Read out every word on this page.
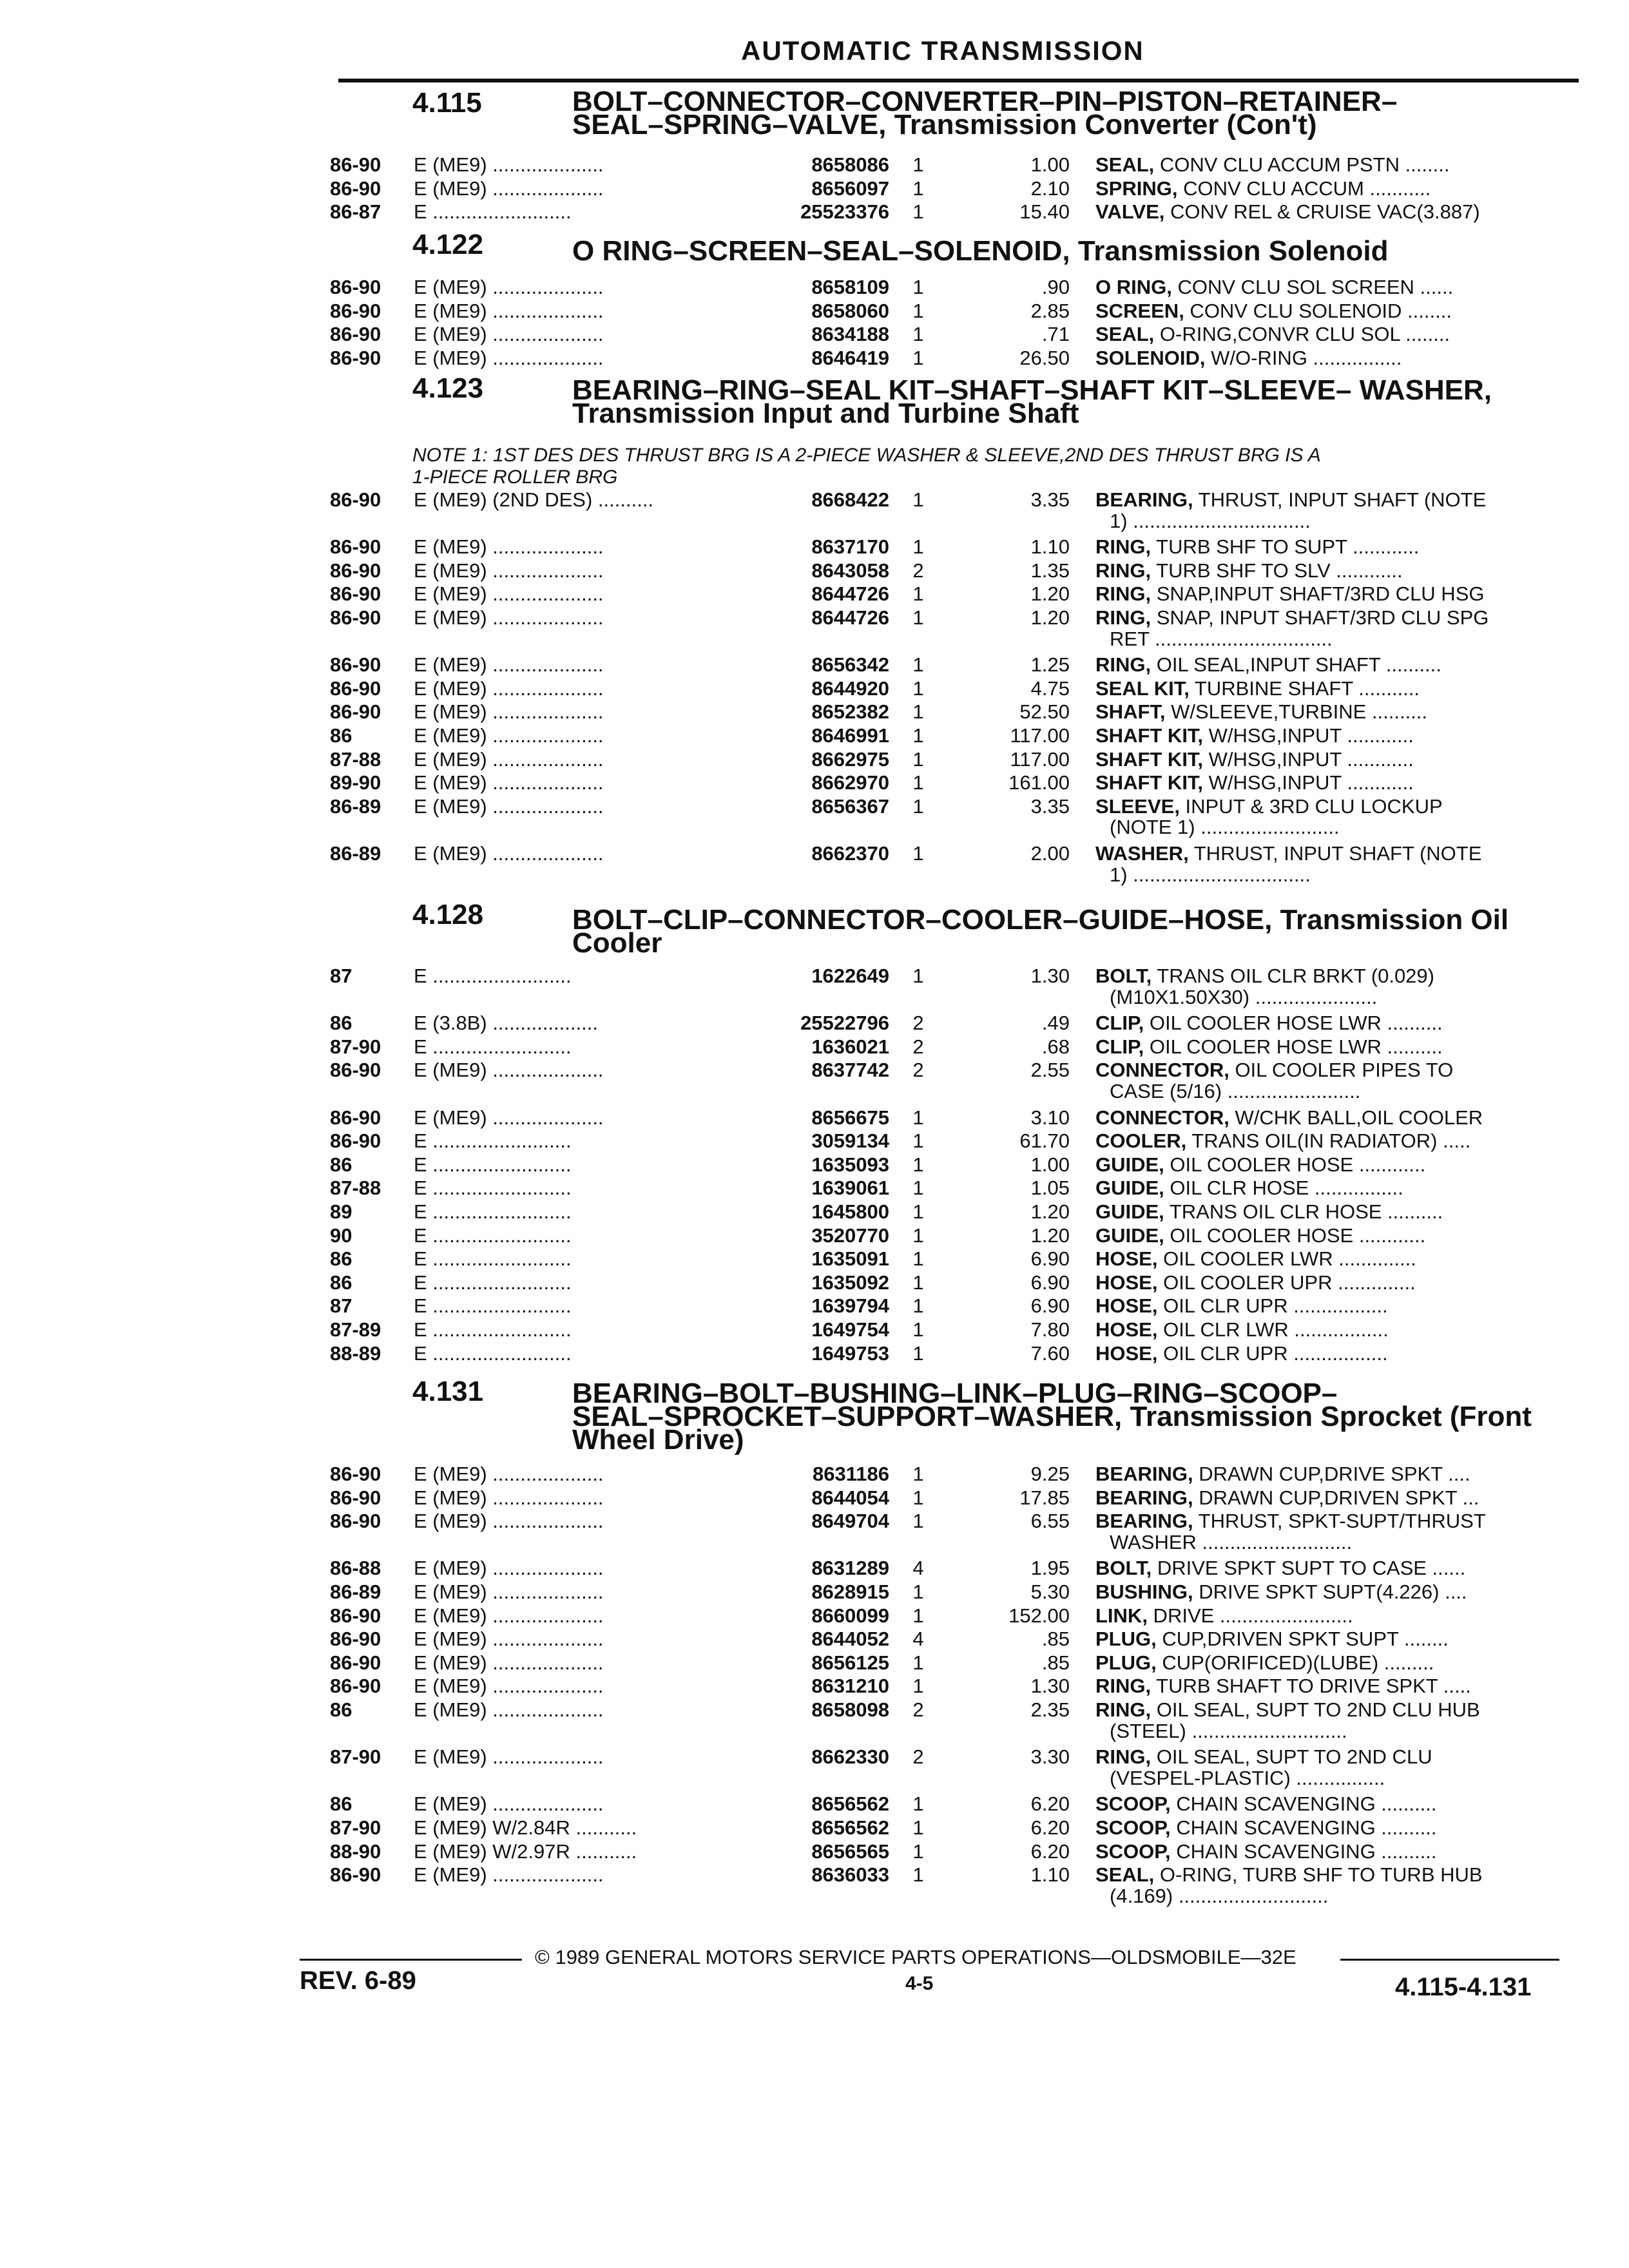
AUTOMATIC TRANSMISSION
4.115	BOLT–CONNECTOR–CONVERTER–PIN–PISTON–RETAINER–
SEAL–SPRING–VALVE, Transmission Converter (Con't)
86-90 E (ME9) ....................	8658086	1	1.00 SEAL, CONV CLU ACCUM PSTN ........
86-90 E (ME9) ....................	8656097	1	2.10 SPRING, CONV CLU ACCUM ...........
86-87 E .........................	25523376	1	15.40 VALVE, CONV REL & CRUISE VAC(3.887)
4.122	O RING–SCREEN–SEAL–SOLENOID, Transmission Solenoid
86-90 E (ME9) ....................	8658109	1	.90 O RING, CONV CLU SOL SCREEN ......
86-90 E (ME9) ....................	8658060	1	2.85 SCREEN, CONV CLU SOLENOID ........
86-90 E (ME9) ....................	8634188	1	.71 SEAL, O-RING,CONVR CLU SOL ........
86-90 E (ME9) ....................	8646419	1	26.50 SOLENOID, W/O-RING ................
4.123	BEARING–RING–SEAL KIT–SHAFT–SHAFT KIT–SLEEVE– WASHER,
Transmission Input and Turbine Shaft
NOTE 1: 1ST DES DES THRUST BRG IS A 2-PIECE WASHER & SLEEVE,2ND DES THRUST BRG IS A
1-PIECE ROLLER BRG
86-90 E (ME9) (2ND DES) ..........	8668422	1	3.35 BEARING, THRUST, INPUT SHAFT (NOTE
1) ................................
86-90 E (ME9) ....................	8637170	1	1.10 RING, TURB SHF TO SUPT ............
86-90 E (ME9) ....................	8643058	2	1.35 RING, TURB SHF TO SLV ............
86-90 E (ME9) ....................	8644726	1	1.20 RING, SNAP,INPUT SHAFT/3RD CLU HSG
86-90 E (ME9) ....................	8644726	1	1.20 RING, SNAP, INPUT SHAFT/3RD CLU SPG
RET ................................
86-90 E (ME9) ....................	8656342	1	1.25 RING, OIL SEAL,INPUT SHAFT ..........
86-90 E (ME9) ....................	8644920	1	4.75 SEAL KIT, TURBINE SHAFT ...........
86-90 E (ME9) ....................	8652382	1	52.50 SHAFT, W/SLEEVE,TURBINE ..........
86	E (ME9) ....................	8646991	1	117.00 SHAFT KIT, W/HSG,INPUT ............
87-88 E (ME9) ....................	8662975	1	117.00 SHAFT KIT, W/HSG,INPUT ............
89-90 E (ME9) ....................	8662970	1	161.00 SHAFT KIT, W/HSG,INPUT ............
86-89 E (ME9) ....................	8656367	1	3.35 SLEEVE, INPUT & 3RD CLU LOCKUP
(NOTE 1) .........................
86-89 E (ME9) ....................	8662370	1	2.00 WASHER, THRUST, INPUT SHAFT (NOTE
1) ................................
4.128	BOLT–CLIP–CONNECTOR–COOLER–GUIDE–HOSE, Transmission Oil
Cooler
87	E .........................	1622649	1	1.30 BOLT, TRANS OIL CLR BRKT (0.029)
(M10X1.50X30) ......................
86	E (3.8B) ...................	25522796	2	.49 CLIP, OIL COOLER HOSE LWR ..........
87-90 E .........................	1636021	2	.68 CLIP, OIL COOLER HOSE LWR ..........
86-90 E (ME9) ....................	8637742	2	2.55 CONNECTOR, OIL COOLER PIPES TO
CASE (5/16) ........................
86-90 E (ME9) ....................	8656675	1	3.10 CONNECTOR, W/CHK BALL,OIL COOLER
86-90 E .........................	3059134	1	61.70 COOLER, TRANS OIL(IN RADIATOR) .....
86	E .........................	1635093	1	1.00 GUIDE, OIL COOLER HOSE ............
87-88 E .........................	1639061	1	1.05 GUIDE, OIL CLR HOSE ................
89	E .........................	1645800	1	1.20 GUIDE, TRANS OIL CLR HOSE ..........
90	E .........................	3520770	1	1.20 GUIDE, OIL COOLER HOSE ............
86	E .........................	1635091	1	6.90 HOSE, OIL COOLER LWR ..............
86	E .........................	1635092	1	6.90 HOSE, OIL COOLER UPR ..............
87	E .........................	1639794	1	6.90 HOSE, OIL CLR UPR .................
87-89 E .........................	1649754	1	7.80 HOSE, OIL CLR LWR .................
88-89 E .........................	1649753	1	7.60 HOSE, OIL CLR UPR .................
4.131	BEARING–BOLT–BUSHING–LINK–PLUG–RING–SCOOP–
SEAL–SPROCKET–SUPPORT–WASHER, Transmission Sprocket (Front
Wheel Drive)
86-90 E (ME9) ....................	8631186	1	9.25 BEARING, DRAWN CUP,DRIVE SPKT ....
86-90 E (ME9) ....................	8644054	1	17.85 BEARING, DRAWN CUP,DRIVEN SPKT ...
86-90 E (ME9) ....................	8649704	1	6.55 BEARING, THRUST, SPKT-SUPT/THRUST
WASHER ...........................
86-88 E (ME9) ....................	8631289	4	1.95 BOLT, DRIVE SPKT SUPT TO CASE ......
86-89 E (ME9) ....................	8628915	1	5.30 BUSHING, DRIVE SPKT SUPT(4.226) ....
86-90 E (ME9) ....................	8660099	1	152.00 LINK, DRIVE ........................
86-90 E (ME9) ....................	8644052	4	.85 PLUG, CUP,DRIVEN SPKT SUPT ........
86-90 E (ME9) ....................	8656125	1	.85 PLUG, CUP(ORIFICED)(LUBE) .........
86-90 E (ME9) ....................	8631210	1	1.30 RING, TURB SHAFT TO DRIVE SPKT .....
86	E (ME9) ....................	8658098	2	2.35 RING, OIL SEAL, SUPT TO 2ND CLU HUB
(STEEL) ............................
87-90 E (ME9) ....................	8662330	2	3.30 RING, OIL SEAL, SUPT TO 2ND CLU
(VESPEL-PLASTIC) ................
86	E (ME9) ....................	8656562	1	6.20 SCOOP, CHAIN SCAVENGING ..........
87-90 E (ME9) W/2.84R ...........	8656562	1	6.20 SCOOP, CHAIN SCAVENGING ..........
88-90 E (ME9) W/2.97R ...........	8656565	1	6.20 SCOOP, CHAIN SCAVENGING ..........
86-90 E (ME9) ....................	8636033	1	1.10 SEAL, O-RING, TURB SHF TO TURB HUB
(4.169) ...........................
© 1989 GENERAL MOTORS SERVICE PARTS OPERATIONS—OLDSMOBILE—32E
REV. 6-89	4-5	4.115-4.131
